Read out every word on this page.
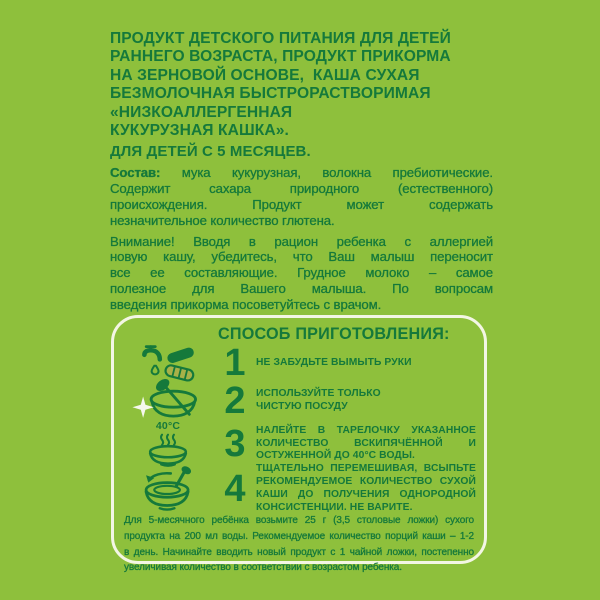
ПРОДУКТ ДЕТСКОГО ПИТАНИЯ ДЛЯ ДЕТЕЙ
РАННЕГО ВОЗРАСТА, ПРОДУКТ ПРИКОРМА
НА ЗЕРНОВОЙ ОСНОВЕ,  КАША СУХАЯ
БЕЗМОЛОЧНАЯ БЫСТРОРАСТВОРИМАЯ
«НИЗКОАЛЛЕРГЕННАЯ
КУКУРУЗНАЯ КАШКА».
ДЛЯ ДЕТЕЙ С 5 МЕСЯЦЕВ.
Состав: мука кукурузная, волокна пребиотические.
Содержит сахара природного (естественного)
происхождения. Продукт может содержать
незначительное количество глютена.
Внимание! Вводя в рацион ребенка с аллергией
новую кашу, убедитесь, что Ваш малыш переносит
все ее составляющие. Грудное молоко – самое
полезное для Вашего малыша. По вопросам
введения прикорма посоветуйтесь с врачом.
СПОСОБ ПРИГОТОВЛЕНИЯ:
1	НЕ ЗАБУДЬТЕ ВЫМЫТЬ РУКИ
2	ИСПОЛЬЗУЙТЕ ТОЛЬКО
ЧИСТУЮ ПОСУДУ
40°C 3	НАЛЕЙТЕ В ТАРЕЛОЧКУ УКАЗАННОЕ
КОЛИЧЕСТВО ВСКИПЯЧЁННОЙ И
ОСТУЖЕННОЙ ДО 40°С ВОДЫ.
4	ТЩАТЕЛЬНО ПЕРЕМЕШИВАЯ, ВСЫПЬТЕ
РЕКОМЕНДУЕМОЕ КОЛИЧЕСТВО СУХОЙ
КАШИ ДО ПОЛУЧЕНИЯ ОДНОРОДНОЙ
КОНСИСТЕНЦИИ. НЕ ВАРИТЕ.
Для 5-месячного ребёнка возьмите 25 г (3,5 столовые ложки) сухого
продукта на 200 мл воды. Рекомендуемое количество порций каши – 1-2
в день. Начинайте вводить новый продукт с 1 чайной ложки, постепенно
увеличивая количество в соответствии с возрастом ребенка.
